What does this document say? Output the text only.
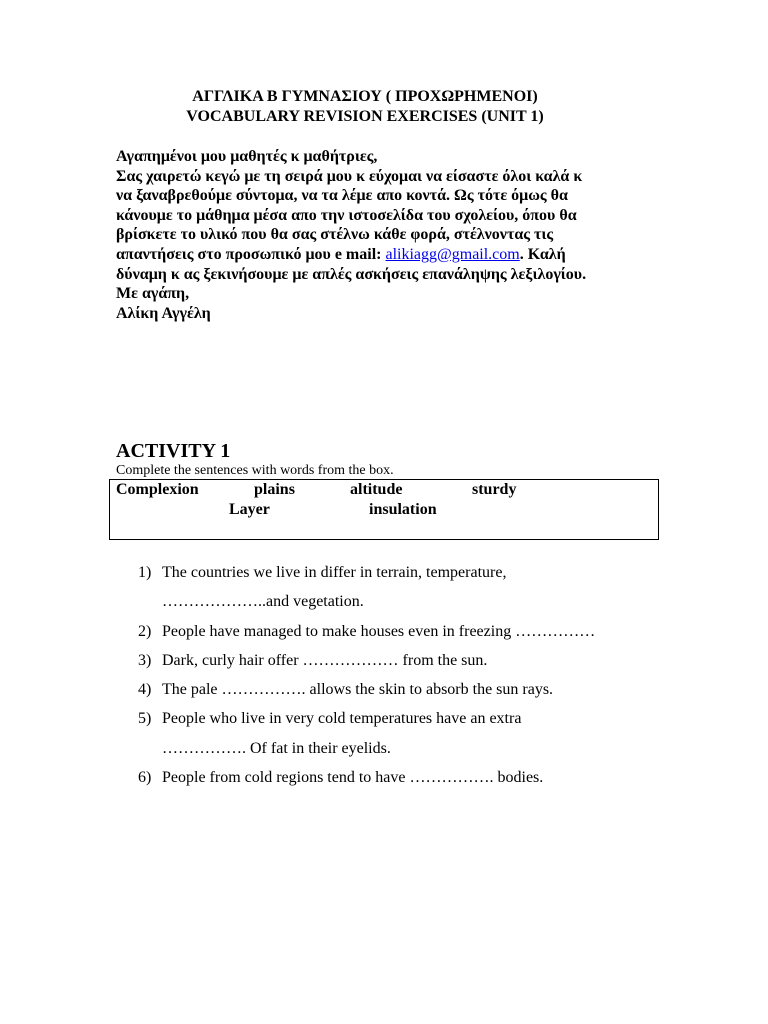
ΑΓΓΛΙΚΑ Β ΓΥΜΝΑΣΙΟΥ ( ΠΡΟΧΩΡΗΜΕΝΟΙ)
VOCABULARY REVISION EXERCISES (UNIT 1)
Αγαπημένοι μου μαθητές κ μαθήτριες,
Σας χαιρετώ κεγώ με τη σειρά μου κ εύχομαι να είσαστε όλοι καλά κ
να ξαναβρεθούμε σύντομα, να τα λέμε απο κοντά. Ως τότε όμως θα
κάνουμε το μάθημα μέσα απο την ιστοσελίδα του σχολείου, όπου θα
βρίσκετε το υλικό που θα σας στέλνω κάθε φορά, στέλνοντας τις
απαντήσεις στο προσωπικό μου e mail: alikiagg@gmail.com. Καλή
δύναμη κ ας ξεκινήσουμε με απλές ασκήσεις επανάληψης λεξιλογίου.
Με αγάπη,
Αλίκη Αγγέλη
ACTIVITY 1
Complete the sentences with words from the box.
Complexion	plains	altitude	sturdy
Layer	insulation
1) The countries we live in differ in terrain, temperature,
………………..and vegetation.
2) People have managed to make houses even in freezing ……………
3) Dark, curly hair offer ……………… from the sun.
4) The pale ……………. allows the skin to absorb the sun rays.
5) People who live in very cold temperatures have an extra
……………. Of fat in their eyelids.
6) People from cold regions tend to have ……………. bodies.
